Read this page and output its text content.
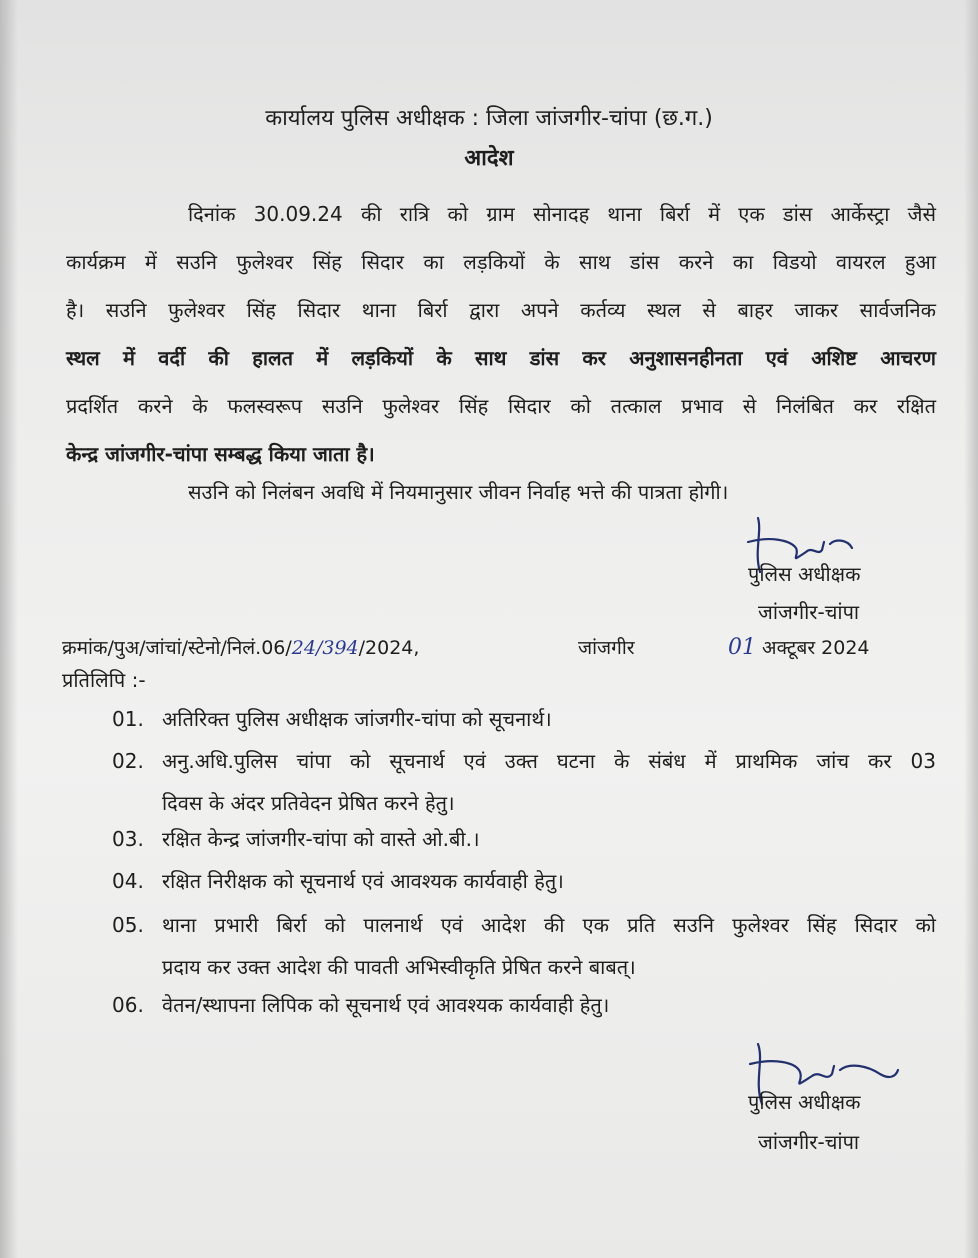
कार्यालय पुलिस अधीक्षक : जिला जांजगीर-चांपा (छ.ग.)
आदेश
दिनांक 30.09.24 की रात्रि को ग्राम सोनादह थाना बिर्रा में एक डांस आर्केस्ट्रा जैसे
कार्यक्रम में सउनि फुलेश्वर सिंह सिदार का लड़कियों के साथ डांस करने का विडयो वायरल हुआ
है। सउनि फुलेश्वर सिंह सिदार थाना बिर्रा द्वारा अपने कर्तव्य स्थल से बाहर जाकर सार्वजनिक
स्थल में वर्दी की हालत में लड़कियों के साथ डांस कर अनुशासनहीनता एवं अशिष्ट आचरण
प्रदर्शित करने के फलस्वरूप सउनि फुलेश्वर सिंह सिदार को तत्काल प्रभाव से निलंबित कर रक्षित
केन्द्र जांजगीर-चांपा सम्बद्ध किया जाता है।
सउनि को निलंबन अवधि में नियमानुसार जीवन निर्वाह भत्ते की पात्रता होगी।
पुलिस अधीक्षक
जांजगीर-चांपा
क्रमांक/पुअ/जांचां/स्टेनो/निलं.06/24/394/2024,	जांजगीर	01 अक्टूबर 2024
प्रतिलिपि :-
01. अतिरिक्त पुलिस अधीक्षक जांजगीर-चांपा को सूचनार्थ।
02. अनु.अधि.पुलिस चांपा को सूचनार्थ एवं उक्त घटना के संबंध में प्राथमिक जांच कर 03
दिवस के अंदर प्रतिवेदन प्रेषित करने हेतु।
03. रक्षित केन्द्र जांजगीर-चांपा को वास्ते ओ.बी.।
04. रक्षित निरीक्षक को सूचनार्थ एवं आवश्यक कार्यवाही हेतु।
05. थाना प्रभारी बिर्रा को पालनार्थ एवं आदेश की एक प्रति सउनि फुलेश्वर सिंह सिदार को
प्रदाय कर उक्त आदेश की पावती अभिस्वीकृति प्रेषित करने बाबत्।
06. वेतन/स्थापना लिपिक को सूचनार्थ एवं आवश्यक कार्यवाही हेतु।
पुलिस अधीक्षक
जांजगीर-चांपा
